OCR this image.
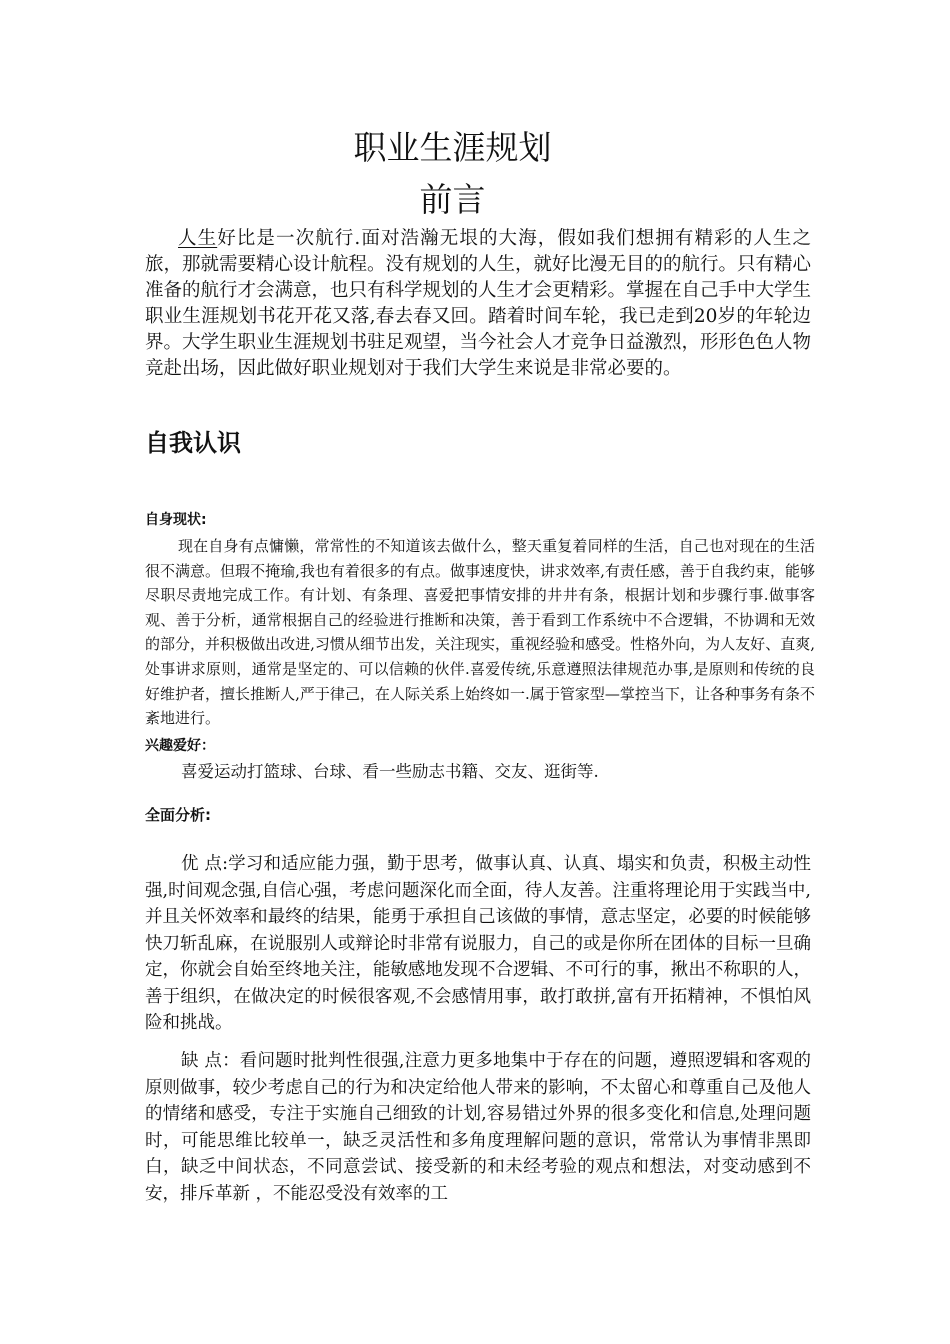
职业生涯规划
前言

人生好比是一次航行.面对浩瀚无垠的大海，假如我们想拥有精彩的人生之旅，那就需要精心设计航程。没有规划的人生，就好比漫无目的的航行。只有精心准备的航行才会满意，也只有科学规划的人生才会更精彩。掌握在自己手中大学生职业生涯规划书花开花又落,春去春又回。踏着时间车轮，我已走到20岁的年轮边界。大学生职业生涯规划书驻足观望，当今社会人才竞争日益激烈，形形色色人物竞赴出场，因此做好职业规划对于我们大学生来说是非常必要的。

自我认识
自身现状:

现在自身有点慵懒，常常性的不知道该去做什么，整天重复着同样的生活，自己也对现在的生活很不满意。但瑕不掩瑜,我也有着很多的有点。做事速度快，讲求效率,有责任感，善于自我约束，能够尽职尽责地完成工作。有计划、有条理、喜爱把事情安排的井井有条，根据计划和步骤行事.做事客观、善于分析，通常根据自己的经验进行推断和决策，善于看到工作系统中不合逻辑，不协调和无效的部分，并积极做出改进,习惯从细节出发，关注现实，重视经验和感受。性格外向，为人友好、直爽,处事讲求原则，通常是坚定的、可以信赖的伙伴.喜爱传统,乐意遵照法律规范办事,是原则和传统的良好维护者，擅长推断人,严于律己，在人际关系上始终如一.属于管家型—掌控当下，让各种事务有条不紊地进行。

兴趣爱好：

喜爱运动打篮球、台球、看一些励志书籍、交友、逛街等.

全面分析:

优 点:学习和适应能力强，勤于思考，做事认真、认真、塌实和负责，积极主动性强,时间观念强,自信心强，考虑问题深化而全面，待人友善。注重将理论用于实践当中,并且关怀效率和最终的结果，能勇于承担自己该做的事情，意志坚定，必要的时候能够快刀斩乱麻，在说服别人或辩论时非常有说服力，自己的或是你所在团体的目标一旦确定，你就会自始至终地关注，能敏感地发现不合逻辑、不可行的事，揪出不称职的人，善于组织，在做决定的时候很客观,不会感情用事，敢打敢拼,富有开拓精神，不惧怕风险和挑战。

缺 点：看问题时批判性很强,注意力更多地集中于存在的问题，遵照逻辑和客观的原则做事，较少考虑自己的行为和决定给他人带来的影响，不太留心和尊重自己及他人的情绪和感受，专注于实施自己细致的计划,容易错过外界的很多变化和信息,处理问题时，可能思维比较单一，缺乏灵活性和多角度理解问题的意识，常常认为事情非黑即白，缺乏中间状态，不同意尝试、接受新的和未经考验的观点和想法，对变动感到不安，排斥革新 ，不能忍受没有效率的工
